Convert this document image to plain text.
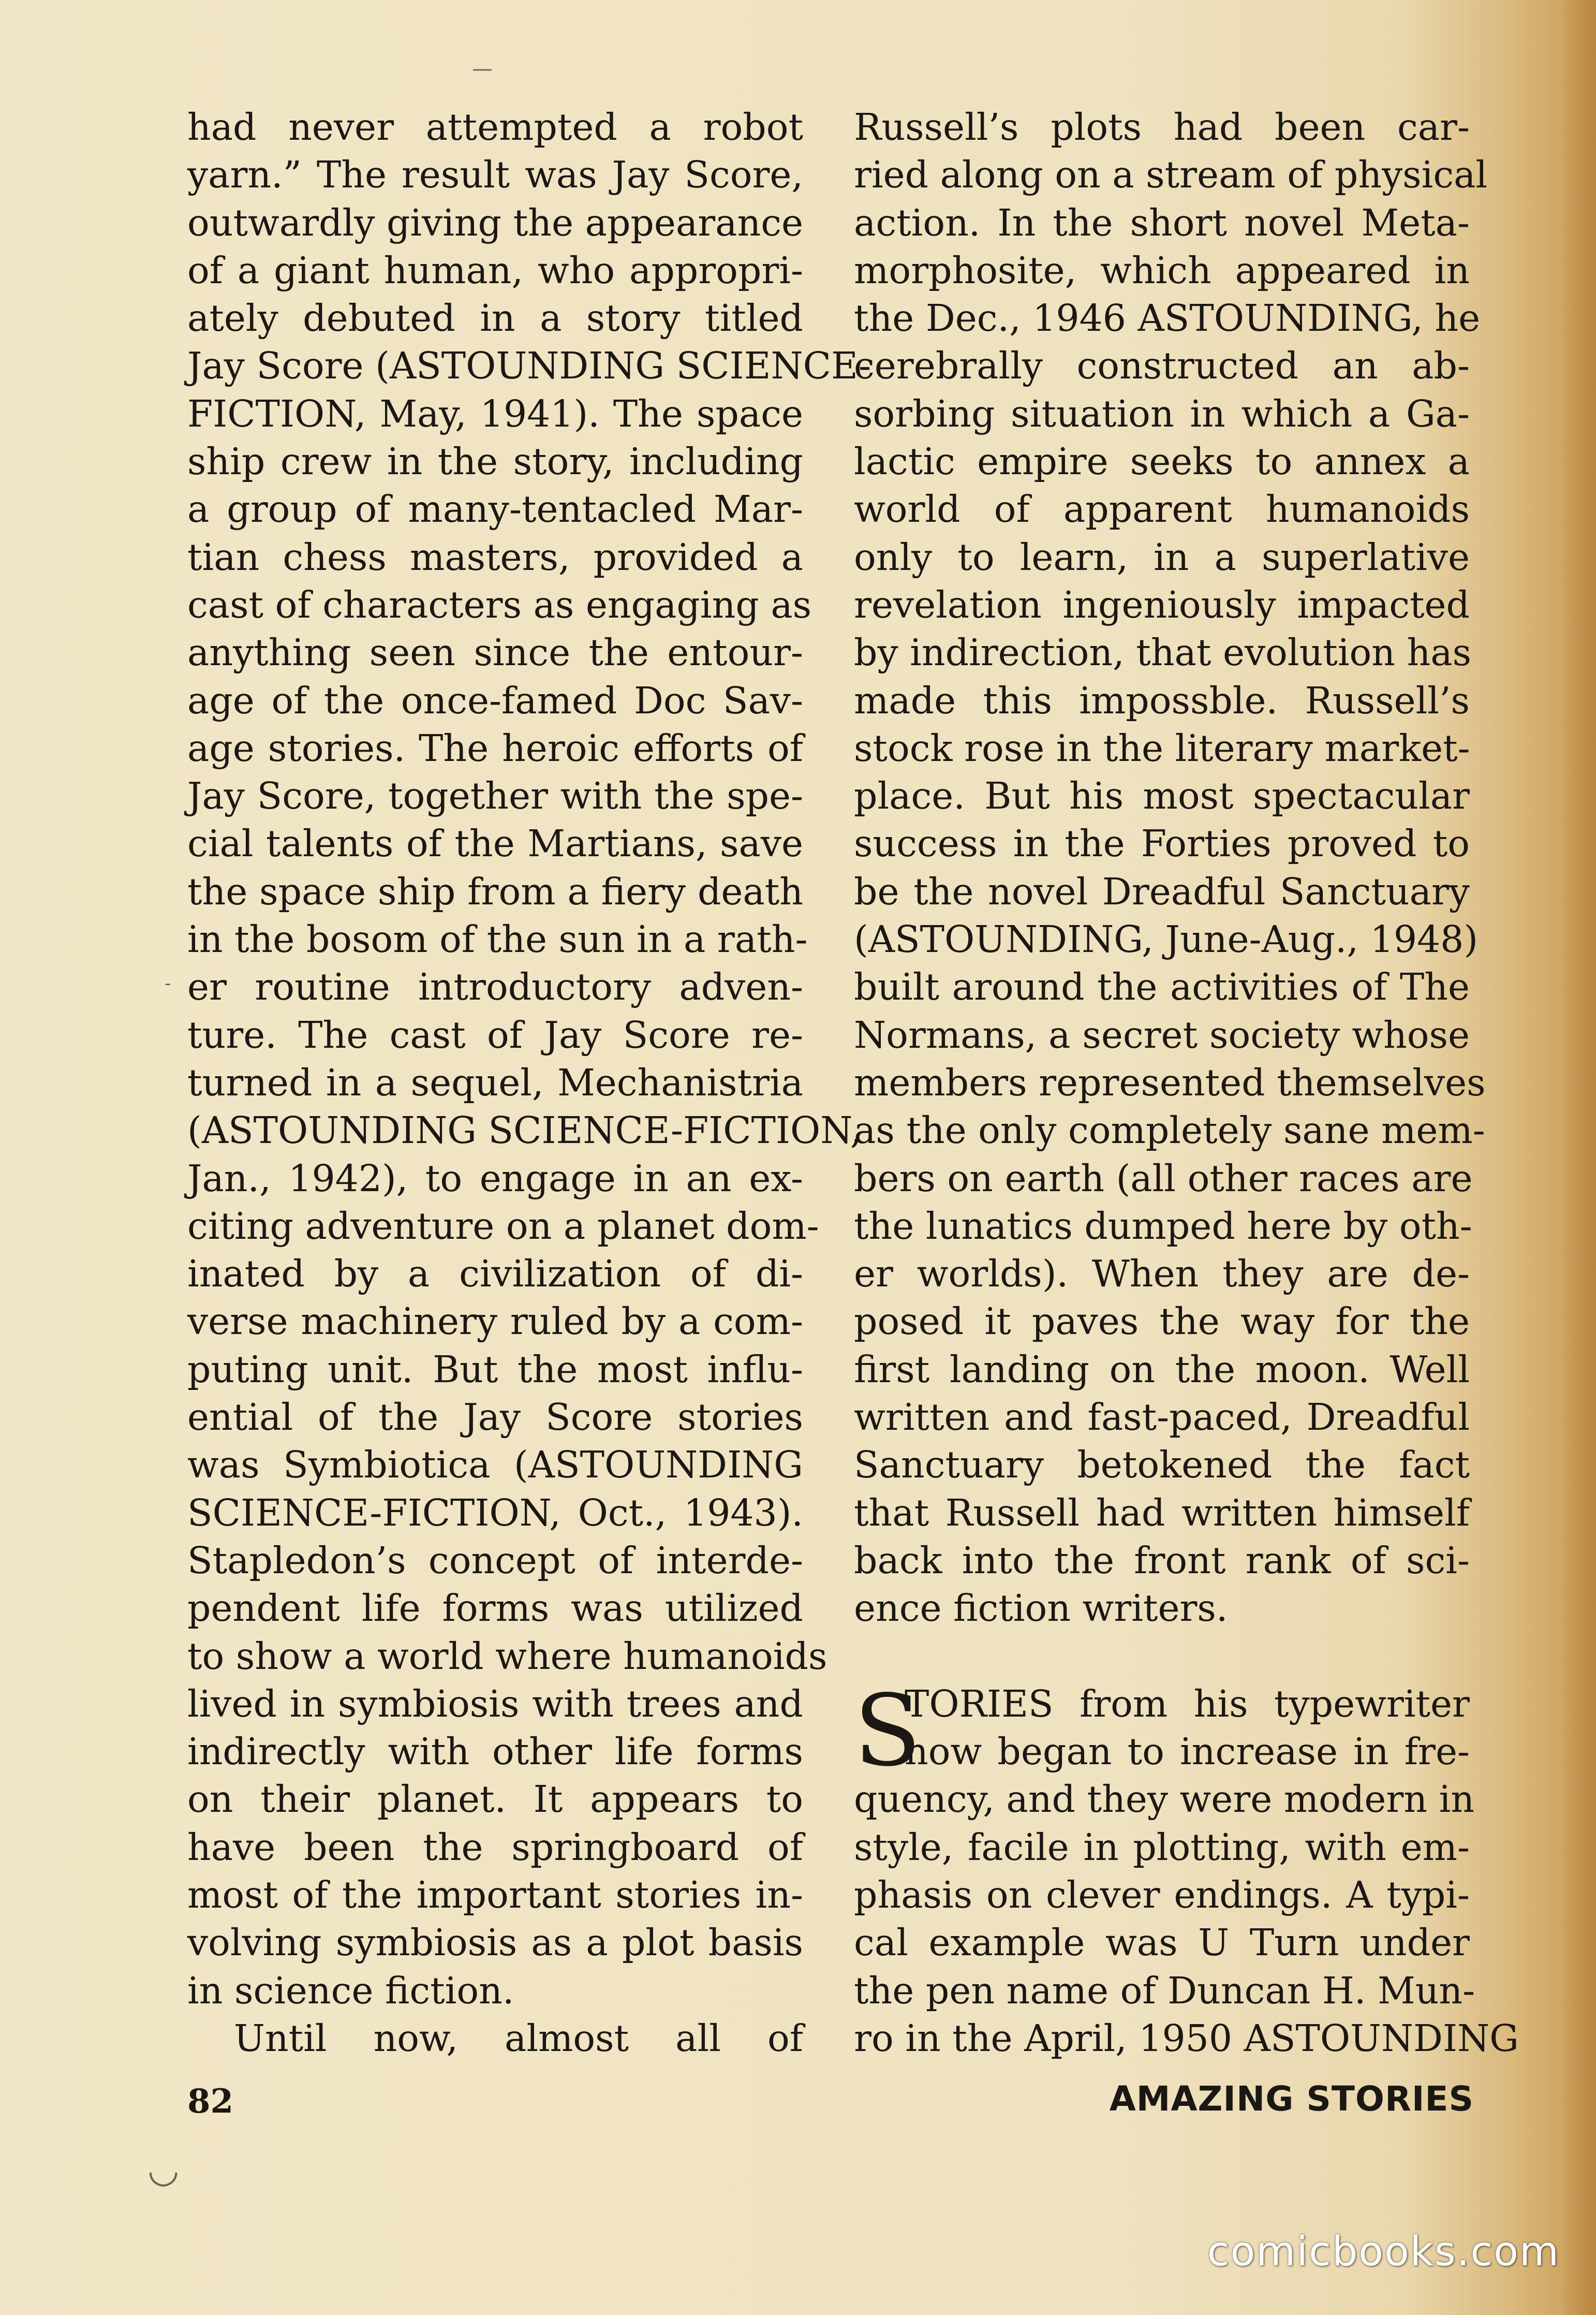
had never attempted a robot
yarn.” The result was Jay Score,
outwardly giving the appearance
of a giant human, who appropri-
ately debuted in a story titled
Jay Score (ASTOUNDING SCIENCE-
FICTION, May, 1941). The space
ship crew in the story, including
a group of many-tentacled Mar-
tian chess masters, provided a
cast of characters as engaging as
anything seen since the entour-
age of the once-famed Doc Sav-
age stories. The heroic efforts of
Jay Score, together with the spe-
cial talents of the Martians, save
the space ship from a fiery death
in the bosom of the sun in a rath-
er routine introductory adven-
ture. The cast of Jay Score re-
turned in a sequel, Mechanistria
(ASTOUNDING SCIENCE-FICTION,
Jan., 1942), to engage in an ex-
citing adventure on a planet dom-
inated by a civilization of di-
verse machinery ruled by a com-
puting unit. But the most influ-
ential of the Jay Score stories
was Symbiotica (ASTOUNDING
SCIENCE-FICTION, Oct., 1943).
Stapledon’s concept of interde-
pendent life forms was utilized
to show a world where humanoids
lived in symbiosis with trees and
indirectly with other life forms
on their planet. It appears to
have been the springboard of
most of the important stories in-
volving symbiosis as a plot basis
in science fiction.
Until now, almost all of
Russell’s plots had been car-
ried along on a stream of physical
action. In the short novel Meta-
morphosite, which appeared in
the Dec., 1946 ASTOUNDING, he
cerebrally constructed an ab-
sorbing situation in which a Ga-
lactic empire seeks to annex a
world of apparent humanoids
only to learn, in a superlative
revelation ingeniously impacted
by indirection, that evolution has
made this impossble. Russell’s
stock rose in the literary market-
place. But his most spectacular
success in the Forties proved to
be the novel Dreadful Sanctuary
(ASTOUNDING, June-Aug., 1948)
built around the activities of The
Normans, a secret society whose
members represented themselves
as the only completely sane mem-
bers on earth (all other races are
the lunatics dumped here by oth-
er worlds). When they are de-
posed it paves the way for the
first landing on the moon. Well
written and fast-paced, Dreadful
Sanctuary betokened the fact
that Russell had written himself
back into the front rank of sci-
ence fiction writers.
S
TORIES from his typewriter
now began to increase in fre-
quency, and they were modern in
style, facile in plotting, with em-
phasis on clever endings. A typi-
cal example was U Turn under
the pen name of Duncan H. Mun-
ro in the April, 1950 ASTOUNDING
82	AMAZING STORIES
comicbooks.com
—
-
◡
